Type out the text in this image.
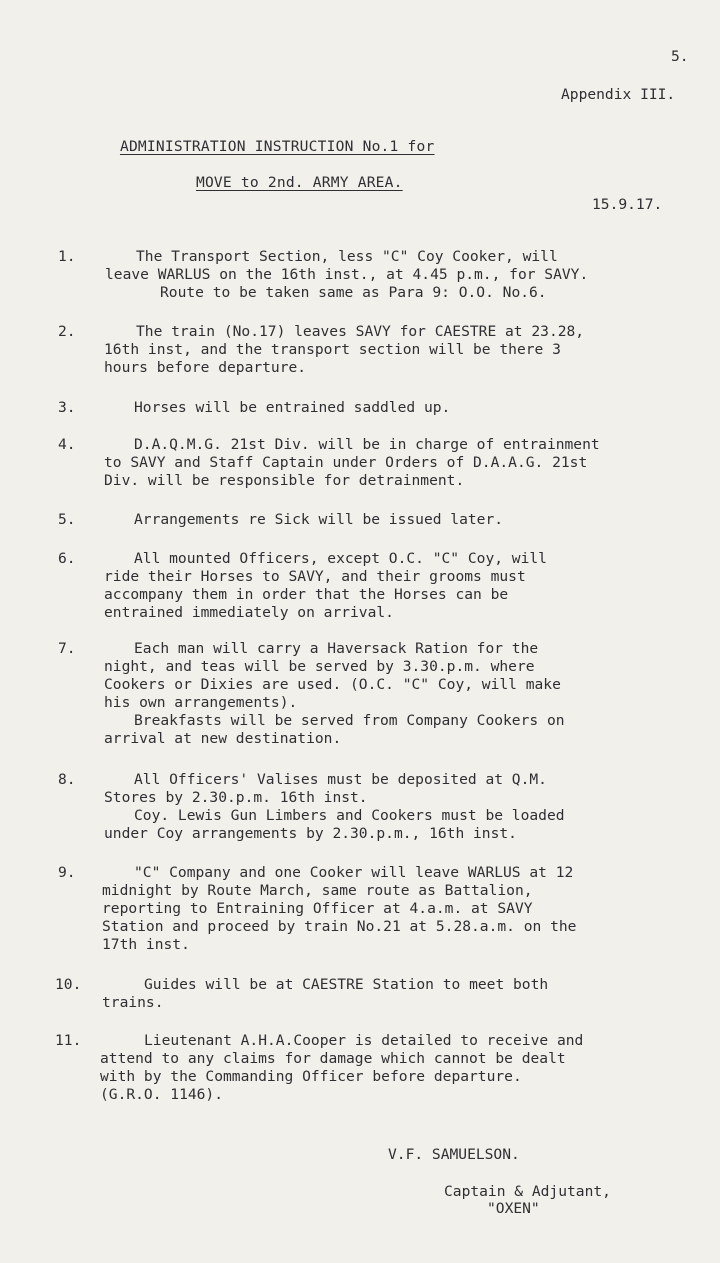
5.
Appendix III.

ADMINISTRATION INSTRUCTION No.1 for

MOVE to 2nd. ARMY AREA.

15.9.17.
1.	The Transport Section, less "C" Coy Cooker, will
leave WARLUS on the 16th inst., at 4.45 p.m., for SAVY.
Route to be taken same as Para 9: O.O. No.6.
2.	The train (No.17) leaves SAVY for CAESTRE at 23.28,
16th inst, and the transport section will be there 3
hours before departure.
3.	Horses will be entrained saddled up.
4.	D.A.Q.M.G. 21st Div. will be in charge of entrainment
to SAVY and Staff Captain under Orders of D.A.A.G. 21st
Div. will be responsible for detrainment.
5.	Arrangements re Sick will be issued later.
6.	All mounted Officers, except O.C. "C" Coy, will
ride their Horses to SAVY, and their grooms must
accompany them in order that the Horses can be
entrained immediately on arrival.
7.	Each man will carry a Haversack Ration for the
night, and teas will be served by 3.30.p.m. where
Cookers or Dixies are used. (O.C. "C" Coy, will make
his own arrangements).
Breakfasts will be served from Company Cookers on
arrival at new destination.
8.	All Officers' Valises must be deposited at Q.M.
Stores by 2.30.p.m. 16th inst.
Coy. Lewis Gun Limbers and Cookers must be loaded
under Coy arrangements by 2.30.p.m., 16th inst.
9.	"C" Company and one Cooker will leave WARLUS at 12
midnight by Route March, same route as Battalion,
reporting to Entraining Officer at 4.a.m. at SAVY
Station and proceed by train No.21 at 5.28.a.m. on the
17th inst.
10.	Guides will be at CAESTRE Station to meet both
trains.
11.	Lieutenant A.H.A.Cooper is detailed to receive and
attend to any claims for damage which cannot be dealt
with by the Commanding Officer before departure.
(G.R.O. 1146).
V.F. SAMUELSON.
Captain & Adjutant,
"OXEN"
